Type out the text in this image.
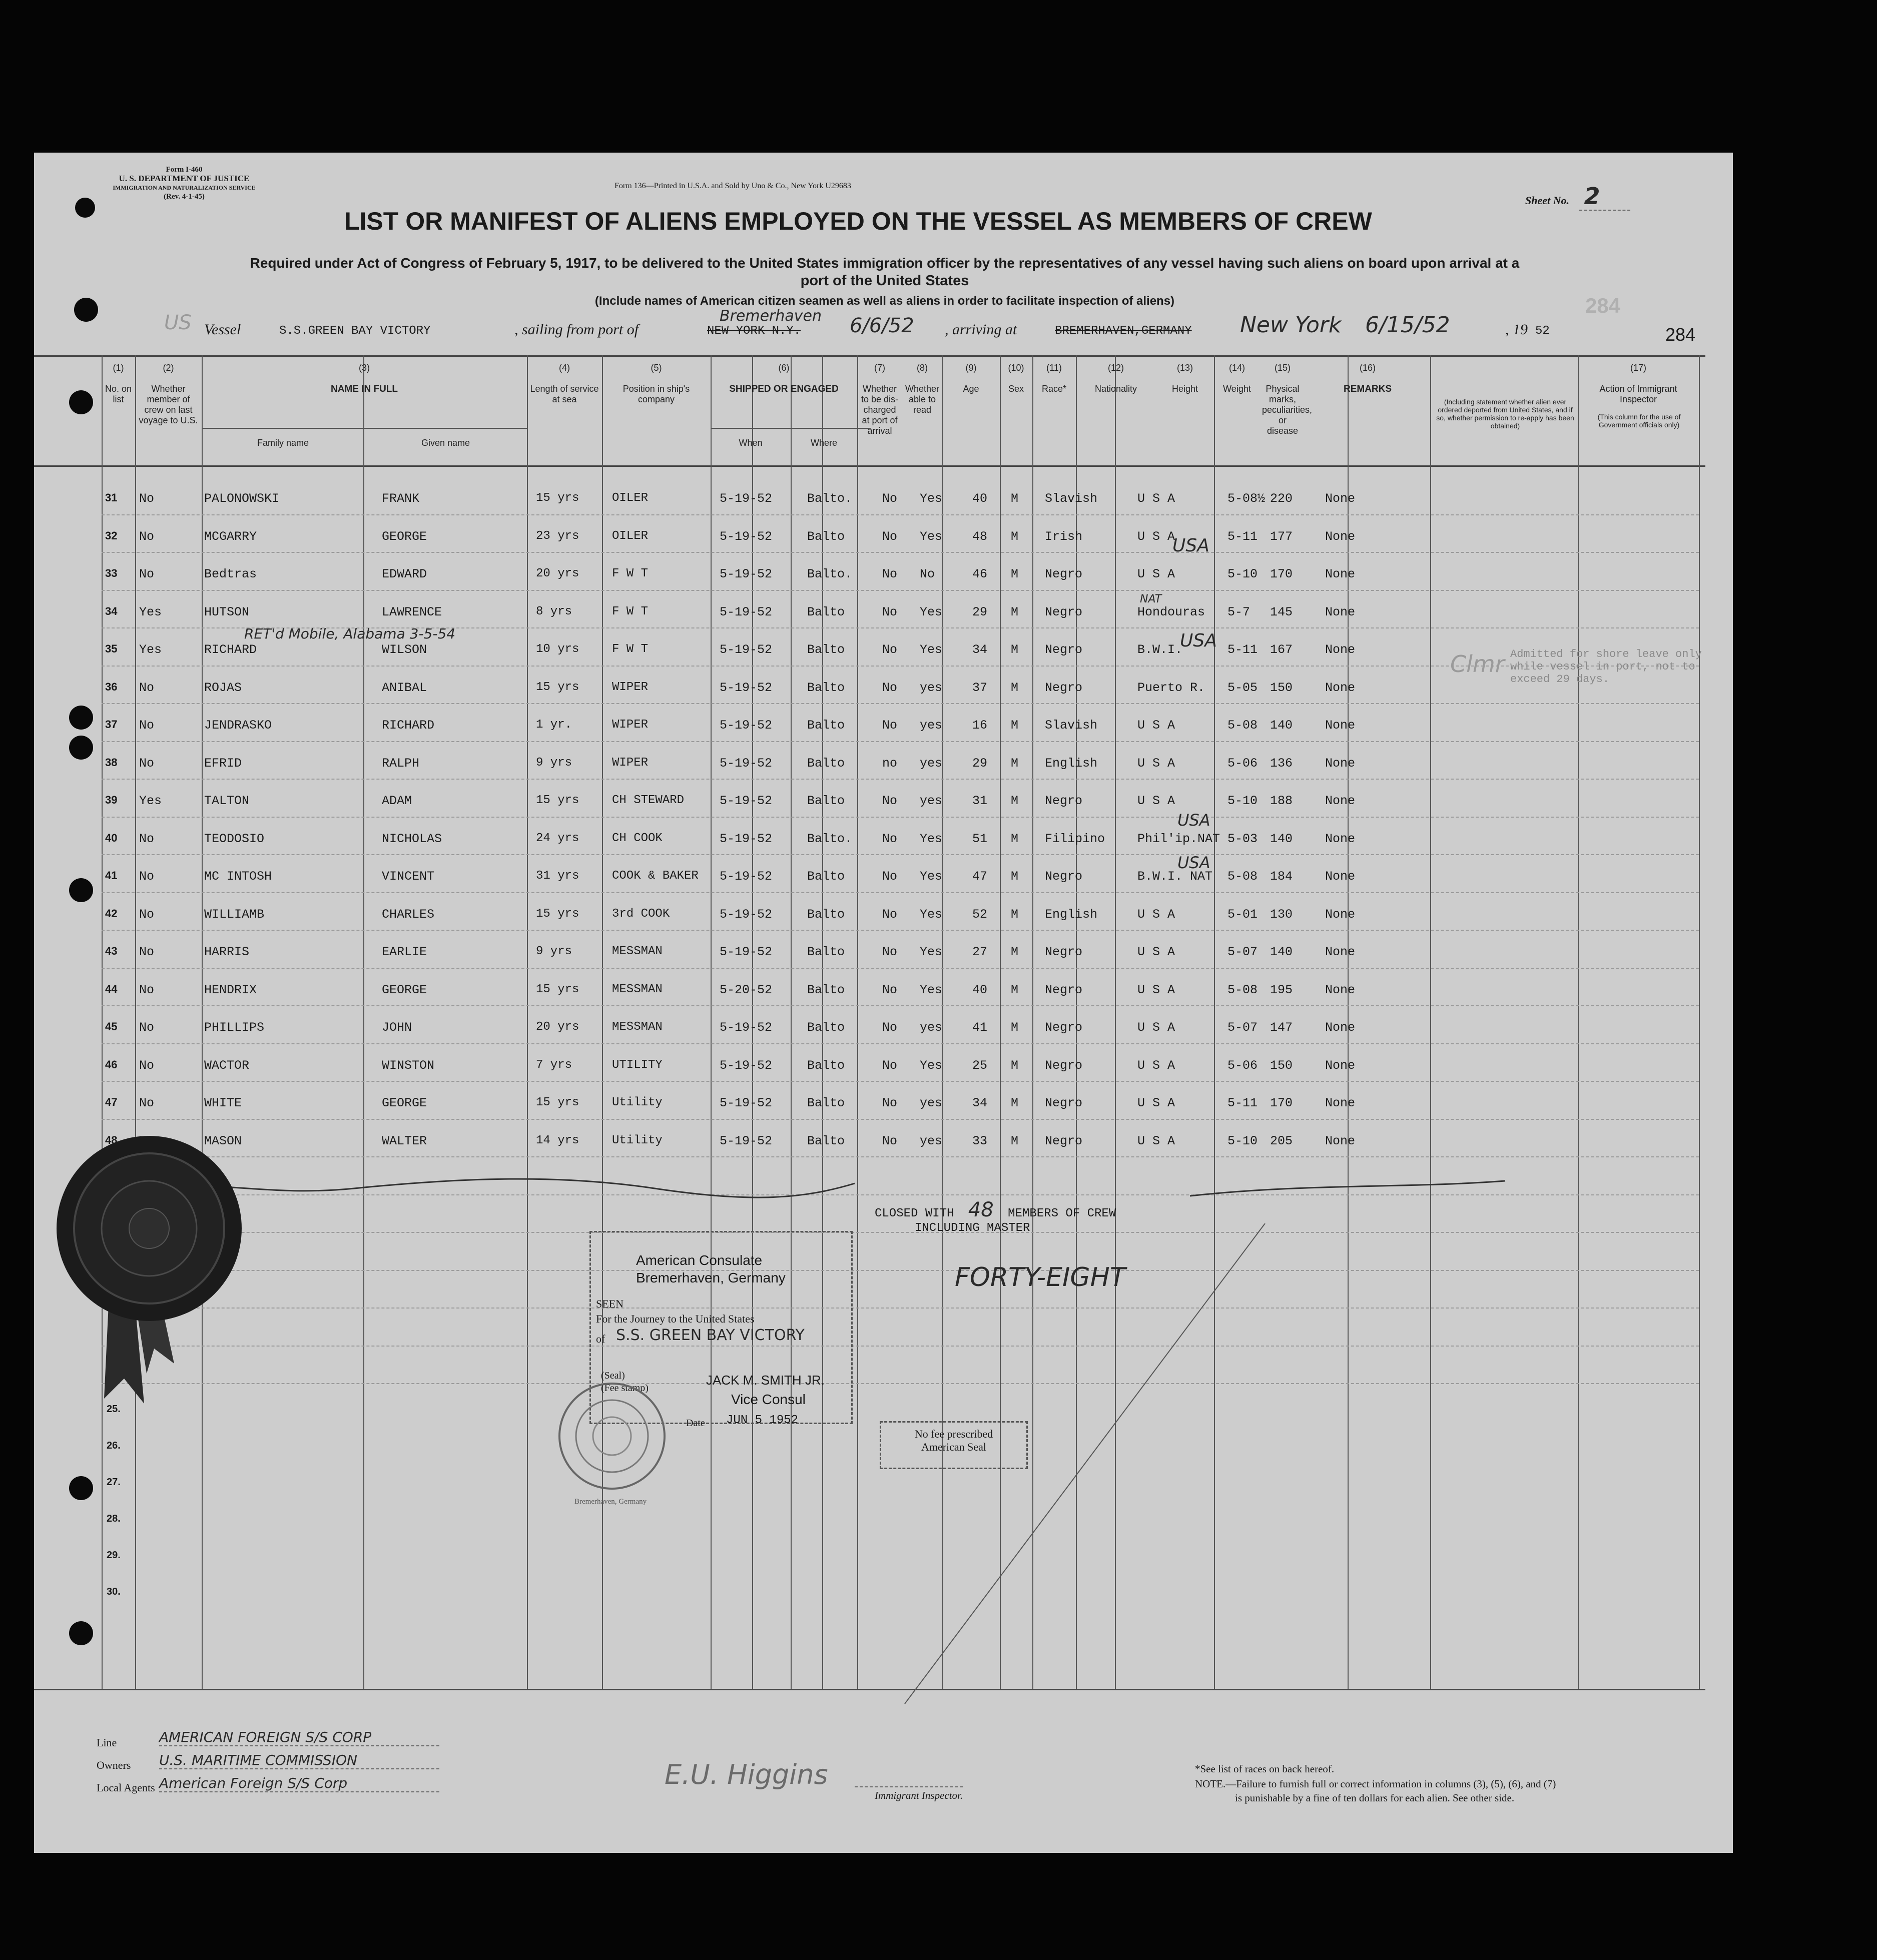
Form I-460
U. S. DEPARTMENT OF JUSTICE
IMMIGRATION AND NATURALIZATION SERVICE
(Rev. 4-1-45)
Form 136—Printed in U.S.A. and Sold by Uno & Co., New York U29683
Sheet No. 2
LIST OR MANIFEST OF ALIENS EMPLOYED ON THE VESSEL AS MEMBERS OF CREW
Required under Act of Congress of February 5, 1917, to be delivered to the United States immigration officer by the representatives of any vessel having such aliens on board upon arrival at a
port of the United States
(Include names of American citizen seamen as well as aliens in order to facilitate inspection of aliens)	284
US Vessel	S.S.GREEN BAY VICTORY	, sailing from port of	NEW YORK N.Y.
Bremerhaven 6/6/52 , arriving at	BREMERHAVEN,GERMANY New York 6/15/52	, 19 52	284
(1)
No. on list
(2)
Whether member of crew on last voyage to U.S.
(3)
NAME IN FULL
(4)
Length of service at sea
(5)
Position in ship's company
(6)
SHIPPED OR ENGAGED
(7)
Whether to be dis-charged at port of arrival
(8)
Whether able to read
(9)
Age
(10)
Sex
(11)
Race*
(12)
Nationality
(13)
Height
(14)
Weight
(15)
Physical marks, peculiarities, or disease
(16)
REMARKS
(17)
Action of Immigrant Inspector
Family name	Given name	When	Where
(Including statement whether alien ever ordered deported from United States, and if so, whether permission to re-apply has been obtained)
(This column for the use of Government officials only)
31 No	PALONOWSKI	FRANK	15 yrs	OILER	5-19-52	Balto. No Yes 40 M Slavish	U S A	5-08½ 220	None
32 No	MCGARRY	GEORGE	23 yrs	OILER	5-19-52	Balto	No Yes 48 M Irish	U S A	5-11 177	None
33 No	Bedtras	EDWARD	20 yrs	F W T	5-19-52	Balto. No No	46 M Negro	U S A	5-10 170	None
34 Yes	HUTSON	LAWRENCE	8 yrs	F W T	5-19-52	Balto	No Yes 29 M Negro	Hondouras 5-7 145	None
35 Yes	RICHARD	WILSON	10 yrs	F W T	5-19-52	Balto	No Yes 34 M Negro	B.W.I.	5-11 167	None
36 No	ROJAS	ANIBAL	15 yrs	WIPER	5-19-52	Balto	No yes 37 M Negro	Puerto R. 5-05 150	None
37 No	JENDRASKO	RICHARD	1 yr.	WIPER	5-19-52	Balto	No yes 16 M Slavish	U S A	5-08 140	None
38 No	EFRID	RALPH	9 yrs	WIPER	5-19-52	Balto	no yes 29 M English	U S A	5-06 136	None
39 Yes	TALTON	ADAM	15 yrs	CH STEWARD	5-19-52	Balto	No yes 31 M Negro	U S A	5-10 188	None
40 No	TEODOSIO	NICHOLAS	24 yrs	CH COOK	5-19-52	Balto. No Yes 51 M Filipino	Phil'ip.NAT 5-03 140	None
41 No	MC INTOSH	VINCENT	31 yrs	COOK & BAKER 5-19-52	Balto	No Yes 47 M Negro	B.W.I. NAT 5-08 184	None
42 No	WILLIAMB	CHARLES	15 yrs	3rd COOK	5-19-52	Balto	No Yes 52 M English	U S A	5-01 130	None
43 No	HARRIS	EARLIE	9 yrs	MESSMAN	5-19-52	Balto	No Yes 27 M Negro	U S A	5-07 140	None
44 No	HENDRIX	GEORGE	15 yrs	MESSMAN	5-20-52	Balto	No Yes 40 M Negro	U S A	5-08 195	None
45 No	PHILLIPS	JOHN	20 yrs	MESSMAN	5-19-52	Balto	No yes 41 M Negro	U S A	5-07 147	None
46 No	WACTOR	WINSTON	7 yrs	UTILITY	5-19-52	Balto	No Yes 25 M Negro	U S A	5-06 150	None
47 No	WHITE	GEORGE	15 yrs	Utility	5-19-52	Balto	No yes 34 M Negro	U S A	5-11 170	None
48	MASON	WALTER	14 yrs	Utility	5-19-52	Balto	No yes 33 M Negro	U S A	5-10 205	None
25.
26.
27.
28.
29.
30.
USA
NAT
USA
USA
USA
RET'd Mobile, Alabama 3-5-54
Clmr Admitted for shore leave only while vessel in port, not to exceed 29 days.
CLOSED WITH 48 MEMBERS OF CREW
INCLUDING MASTER
FORTY-EIGHT
American Consulate
Bremerhaven, Germany
SEEN
For the Journey to the United States
of S.S. GREEN BAY VICTORY
(Seal)
(Fee stamp)
JACK M. SMITH JR.
Vice Consul
Date JUN 5 1952
No fee prescribed
American Seal
Bremerhaven, Germany
Line	AMERICAN FOREIGN S/S CORP
Owners U.S. MARITIME COMMISSION
Local Agents American Foreign S/S Corp	E.U. Higgins
Immigrant Inspector.
*See list of races on back hereof.
NOTE.—Failure to furnish full or correct information in columns (3), (5), (6), and (7)
is punishable by a fine of ten dollars for each alien. See other side.
